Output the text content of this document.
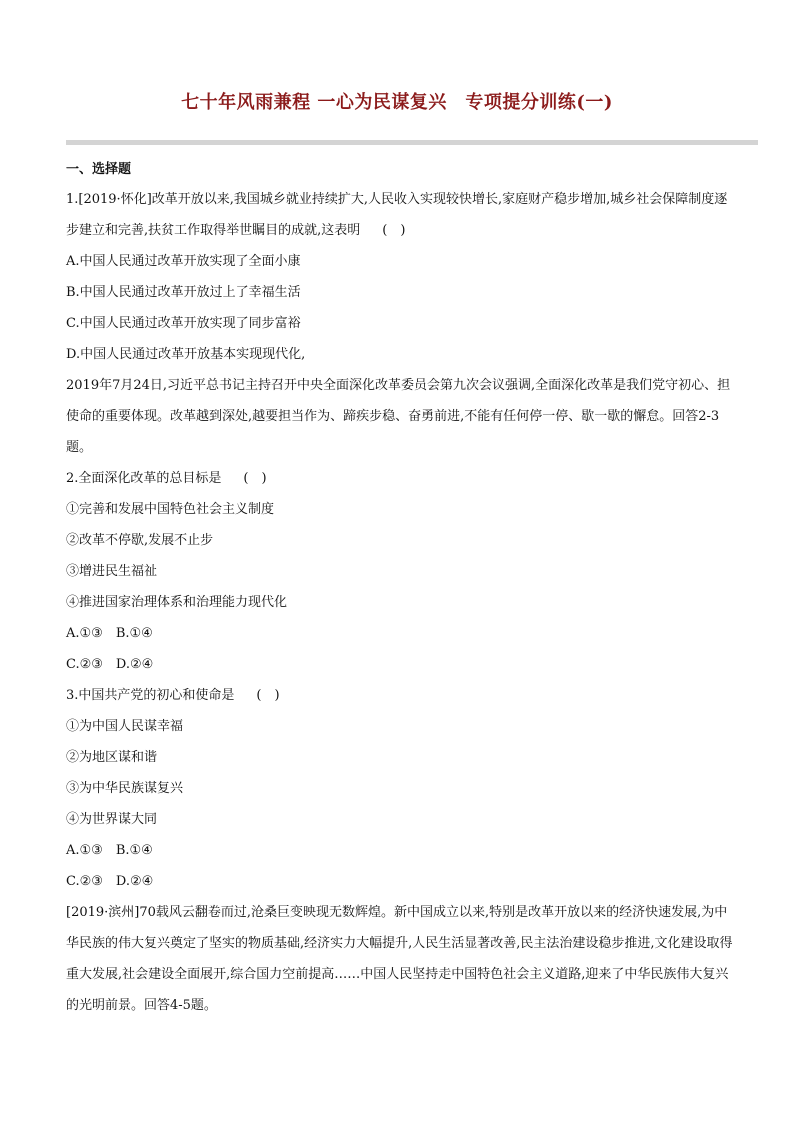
七十年风雨兼程 一心为民谋复兴　专项提分训练(一)
一、选择题
1.[2019·怀化]改革开放以来,我国城乡就业持续扩大,人民收入实现较快增长,家庭财产稳步增加,城乡社会保障制度逐步建立和完善,扶贫工作取得举世瞩目的成就,这表明 (　)
A.中国人民通过改革开放实现了全面小康
B.中国人民通过改革开放过上了幸福生活
C.中国人民通过改革开放实现了同步富裕
D.中国人民通过改革开放基本实现现代化,
2019年7月24日,习近平总书记主持召开中央全面深化改革委员会第九次会议强调,全面深化改革是我们党守初心、担使命的重要体现。改革越到深处,越要担当作为、蹄疾步稳、奋勇前进,不能有任何停一停、歇一歇的懈怠。回答2-3题。
2.全面深化改革的总目标是 (　)
①完善和发展中国特色社会主义制度
②改革不停歇,发展不止步
③增进民生福祉
④推进国家治理体系和治理能力现代化
A.①③　B.①④
C.②③　D.②④
3.中国共产党的初心和使命是 (　)
①为中国人民谋幸福
②为地区谋和谐
③为中华民族谋复兴
④为世界谋大同
A.①③　B.①④
C.②③　D.②④
[2019·滨州]70载风云翻卷而过,沧桑巨变映现无数辉煌。新中国成立以来,特别是改革开放以来的经济快速发展,为中华民族的伟大复兴奠定了坚实的物质基础,经济实力大幅提升,人民生活显著改善,民主法治建设稳步推进,文化建设取得重大发展,社会建设全面展开,综合国力空前提高……中国人民坚持走中国特色社会主义道路,迎来了中华民族伟大复兴的光明前景。回答4-5题。
